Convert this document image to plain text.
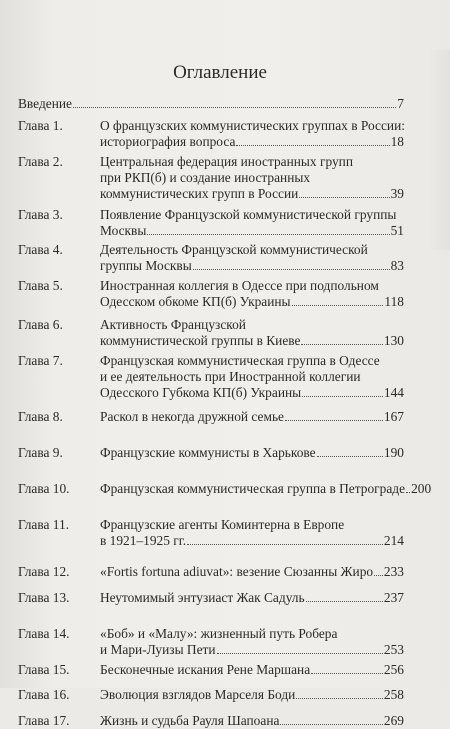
Оглавление
Введение	7
Глава 1.	О французских коммунистических группах в России:
историография вопроса	18
Глава 2.	Центральная федерация иностранных групп
при РКП(б) и создание иностранных
коммунистических групп в России	39
Глава 3.	Появление Французской коммунистической группы
Москвы	51
Глава 4.	Деятельность Французской коммунистической
группы Москвы	83
Глава 5.	Иностранная коллегия в Одессе при подпольном
Одесском обкоме КП(б) Украины	118
Глава 6.	Активность Французской
коммунистической группы в Киеве	130
Глава 7.	Французская коммунистическая группа в Одессе
и ее деятельность при Иностранной коллегии
Одесского Губкома КП(б) Украины	144
Глава 8.	Раскол в некогда дружной семье	167
Глава 9.	Французские коммунисты в Харькове	190
Глава 10. Французская коммунистическая группа в Петрограде 200
Глава 11. Французские агенты Коминтерна в Европе
в 1921–1925 гг.	214
Глава 12. «Fortis fortuna adiuvat»: везение Сюзанны Жиро 233
Глава 13. Неутомимый энтузиаст Жак Садуль	237
Глава 14. «Боб» и «Малу»: жизненный путь Робера
и Мари-Луизы Пети	253
Глава 15. Бесконечные искания Рене Маршана	256
Глава 16. Эволюция взглядов Марселя Боди	258
Глава 17. Жизнь и судьба Рауля Шапоана	269
